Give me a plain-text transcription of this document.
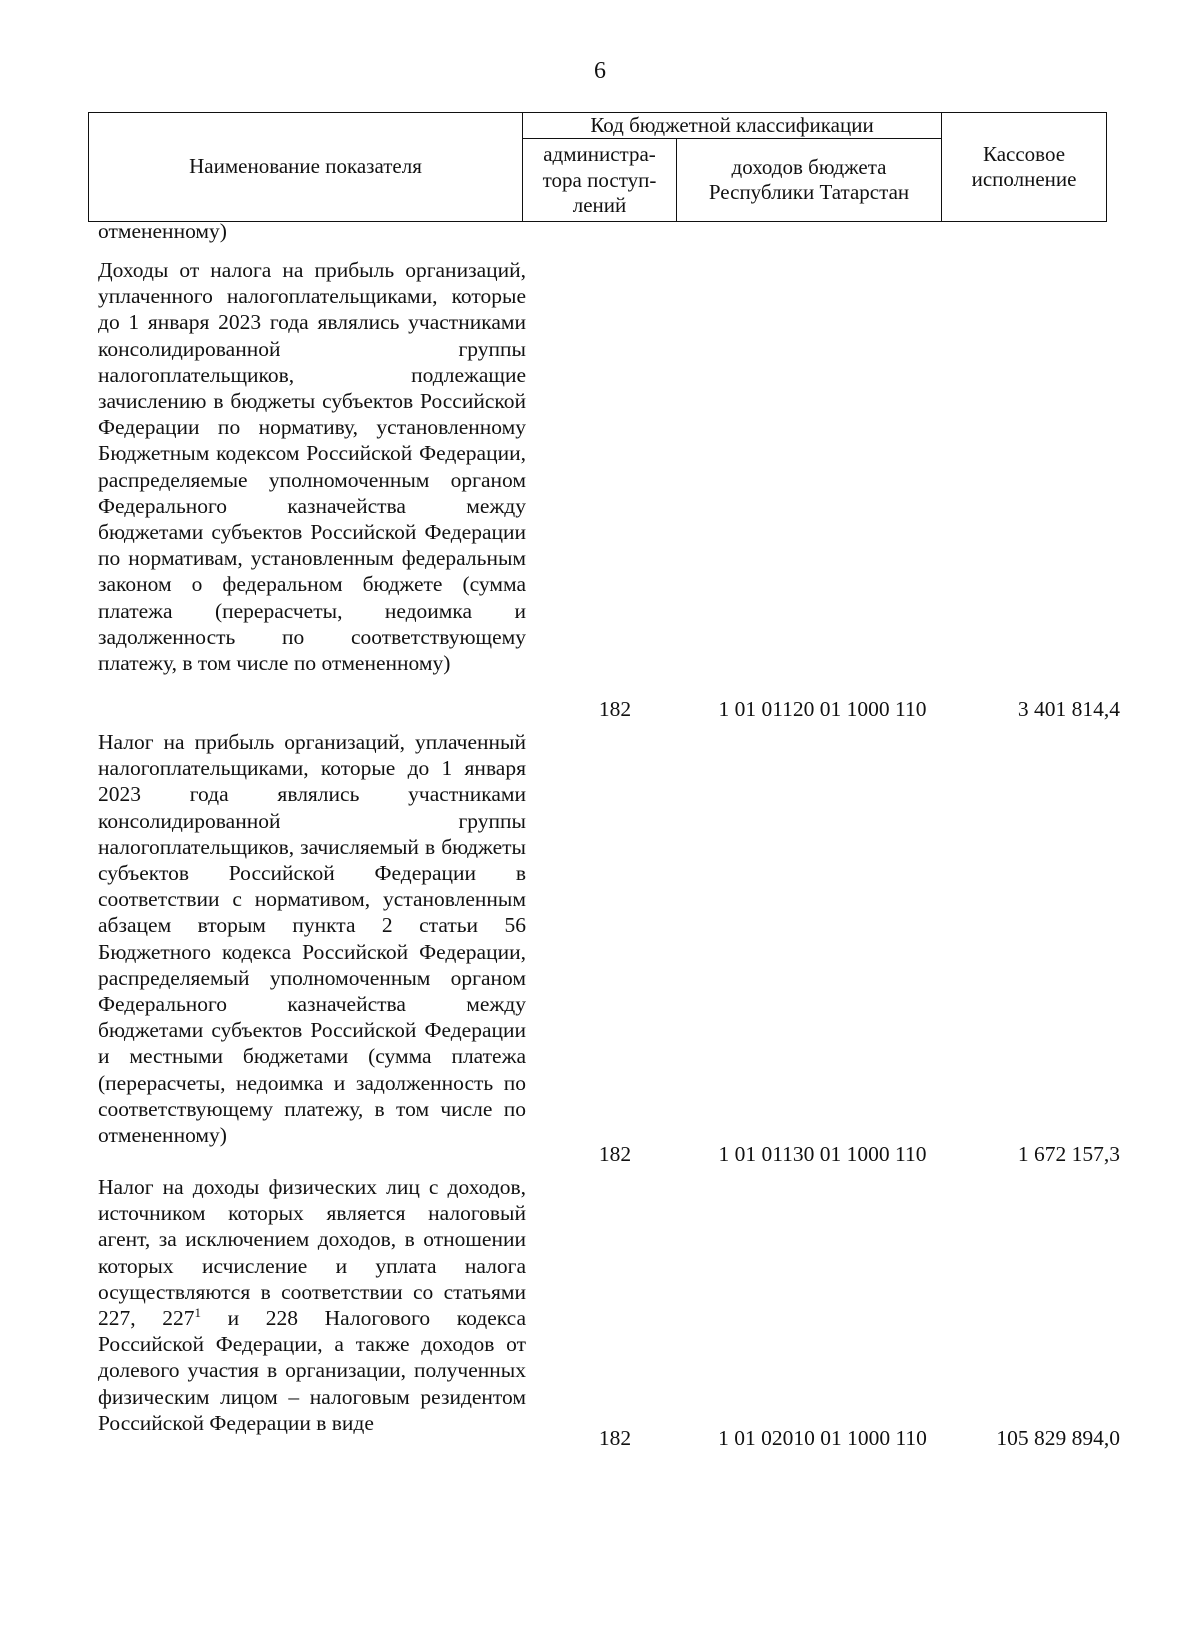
6
Наименование показателя	Код бюджетной классификации		Кассовое исполнение
	администра-тора поступ-лений	доходов бюджета Республики Татарстан	
отмененному)
Доходы от налога на прибыль организаций, уплаченного налогоплательщиками, которые до 1 января 2023 года являлись участниками консолидированной группы налогоплательщиков, подлежащие зачислению в бюджеты субъектов Российской Федерации по нормативу, установленному Бюджетным кодексом Российской Федерации, распределяемые уполномоченным органом Федерального казначейства между бюджетами субъектов Российской Федерации по нормативам, установленным федеральным законом о федеральном бюджете (сумма платежа (перерасчеты, недоимка и задолженность по соответствующему платежу, в том числе по отмененному)
182	1 01 01120 01 1000 110	3 401 814,4
Налог на прибыль организаций, уплаченный налогоплательщиками, которые до 1 января 2023 года являлись участниками консолидированной группы налогоплательщиков, зачисляемый в бюджеты субъектов Российской Федерации в соответствии с нормативом, установленным абзацем вторым пункта 2 статьи 56 Бюджетного кодекса Российской Федерации, распределяемый уполномоченным органом Федерального казначейства между бюджетами субъектов Российской Федерации и местными бюджетами (сумма платежа (перерасчеты, недоимка и задолженность по соответствующему платежу, в том числе по отмененному)
182	1 01 01130 01 1000 110	1 672 157,3
Налог на доходы физических лиц с доходов, источником которых является налоговый агент, за исключением доходов, в отношении которых исчисление и уплата налога осуществляются в соответствии со статьями 227, $227^1$ и 228 Налогового кодекса Российской Федерации, а также доходов от долевого участия в организации, полученных физическим лицом – налоговым резидентом Российской Федерации в виде
182	1 01 02010 01 1000 110	105 829 894,0
